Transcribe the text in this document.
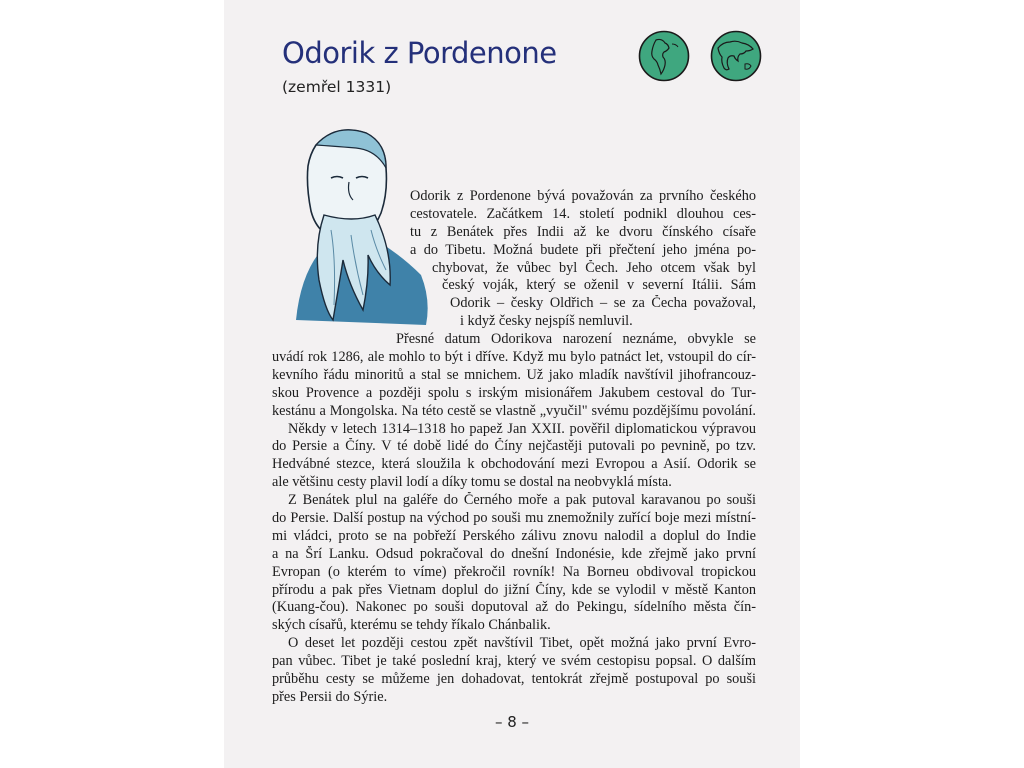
Odorik z Pordenone
(zemřel 1331)
Odorik z Pordenone bývá považován za prvního českého
cestovatele. Začátkem 14. století podnikl dlouhou ces-
tu z Benátek přes Indii až ke dvoru čínského císaře
a do Tibetu. Možná budete při přečtení jeho jména po-
chybovat, že vůbec byl Čech. Jeho otcem však byl
český voják, který se oženil v severní Itálii. Sám
Odorik – česky Oldřich – se za Čecha považoval,
i když česky nejspíš nemluvil.
Přesné datum Odorikova narození neznáme, obvykle se
uvádí rok 1286, ale mohlo to být i dříve. Když mu bylo patnáct let, vstoupil do cír-
kevního řádu minoritů a stal se mnichem. Už jako mladík navštívil jihofrancouz-
skou Provence a později spolu s irským misionářem Jakubem cestoval do Tur-
kestánu a Mongolska. Na této cestě se vlastně „vyučil" svému pozdějšímu povolání.
Někdy v letech 1314–1318 ho papež Jan XXII. pověřil diplomatickou výpravou
do Persie a Číny. V té době lidé do Číny nejčastěji putovali po pevnině, po tzv.
Hedvábné stezce, která sloužila k obchodování mezi Evropou a Asií. Odorik se
ale většinu cesty plavil lodí a díky tomu se dostal na neobvyklá místa.
Z Benátek plul na galéře do Černého moře a pak putoval karavanou po souši
do Persie. Další postup na východ po souši mu znemožnily zuřící boje mezi místní-
mi vládci, proto se na pobřeží Perského zálivu znovu nalodil a doplul do Indie
a na Šrí Lanku. Odsud pokračoval do dnešní Indonésie, kde zřejmě jako první
Evropan (o kterém to víme) překročil rovník! Na Borneu obdivoval tropickou
přírodu a pak přes Vietnam doplul do jižní Číny, kde se vylodil v městě Kanton
(Kuang-čou). Nakonec po souši doputoval až do Pekingu, sídelního města čín-
ských císařů, kterému se tehdy říkalo Chánbalik.
O deset let později cestou zpět navštívil Tibet, opět možná jako první Evro-
pan vůbec. Tibet je také poslední kraj, který ve svém cestopisu popsal. O dalším
průběhu cesty se můžeme jen dohadovat, tentokrát zřejmě postupoval po souši
přes Persii do Sýrie.
– 8 –
